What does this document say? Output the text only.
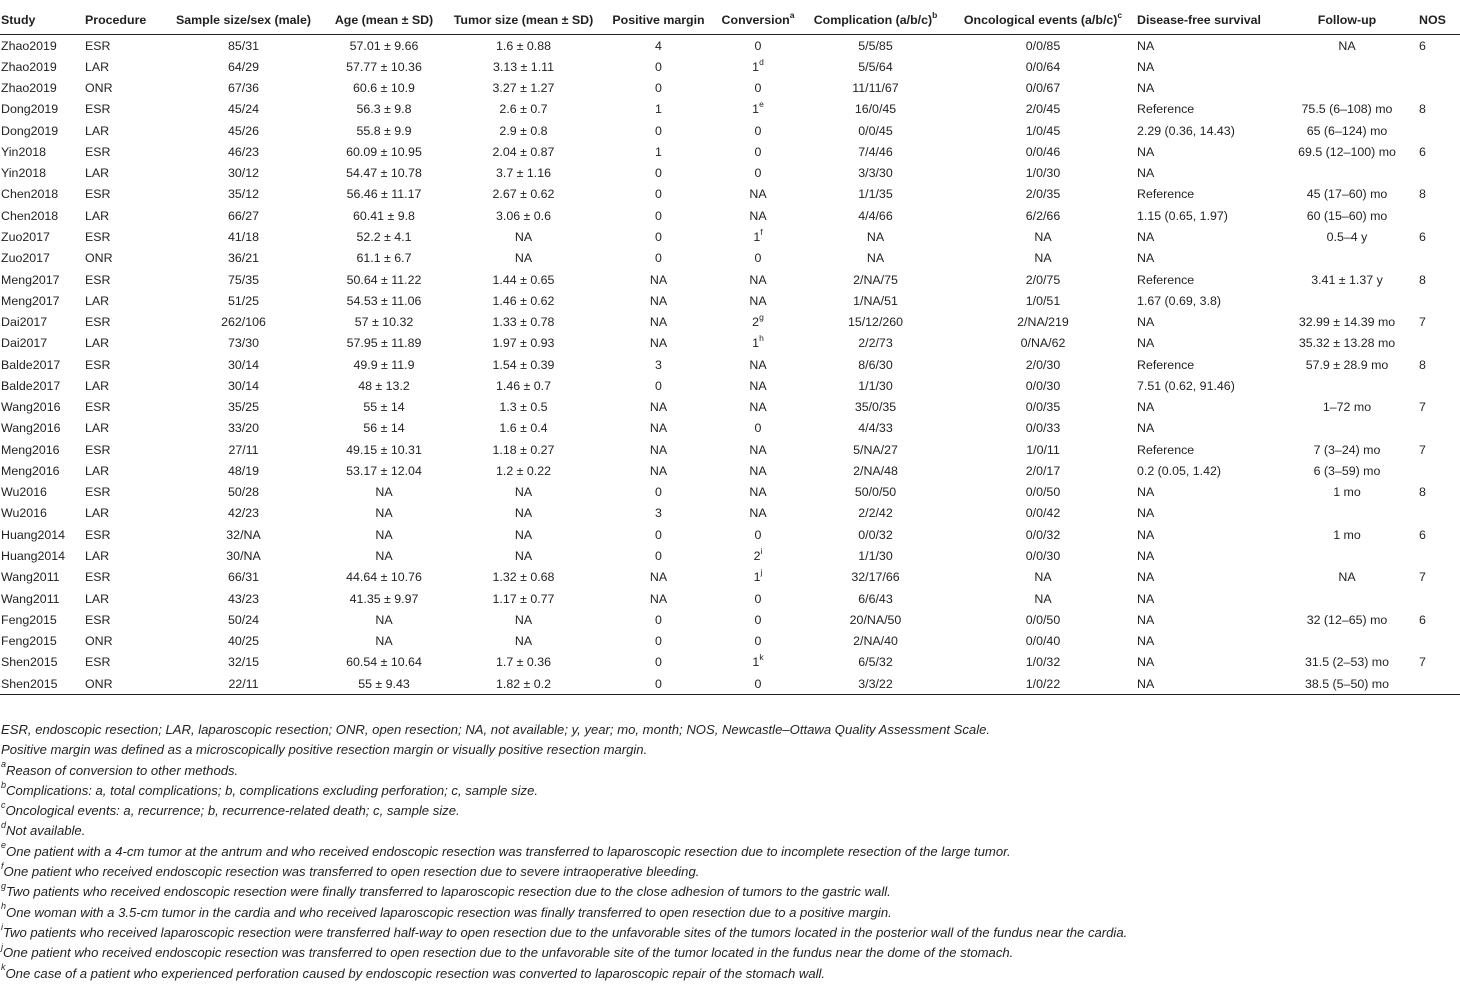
Study	Procedure	Sample size/sex (male)	Age (mean ± SD)	Tumor size (mean ± SD)	Positive margin	Conversion$^a$	Complication $(a/b/c)^b$	Oncological events $(a/b/c)^c$	Disease-free survival	Follow-up	NOS
Zhao2019	ESR	85/31	57.01 ± 9.66	1.6 ± 0.88	4	0	5/5/85	0/0/85	NA	NA	6
Zhao2019	LAR	64/29	57.77 ± 10.36	3.13 ± 1.11	0	1$^d$	5/5/64	0/0/64	NA		
Zhao2019	ONR	67/36	60.6 ± 10.9	3.27 ± 1.27	0	0	11/11/67	0/0/67	NA		
Dong2019	ESR	45/24	56.3 ± 9.8	2.6 ± 0.7	1	1e	16/0/45	2/0/45	Reference	75.5 (6–108) mo	8
Dong2019	LAR	45/26	55.8 ± 9.9	2.9 ± 0.8	0	0	0/0/45	1/0/45	2.29 (0.36, 14.43)	65 (6–124) mo	
Yin2018	ESR	46/23	60.09 ± 10.95	2.04 ± 0.87	1	0	7/4/46	0/0/46	NA	69.5 (12–100) mo	6
Yin2018	LAR	30/12	54.47 ± 10.78	3.7 ± 1.16	0	0	3/3/30	1/0/30	NA		
Chen2018	ESR	35/12	56.46 ± 11.17	2.67 ± 0.62	0	NA	1/1/35	2/0/35	Reference	45 (17–60) mo	8
Chen2018	LAR	66/27	60.41 ± 9.8	3.06 ± 0.6	0	NA	4/4/66	6/2/66	1.15 (0.65, 1.97)	60 (15–60) mo	
Zuo2017	ESR	41/18	52.2 ± 4.1	NA	0	1$^f$	NA	NA	NA	0.5–4 y	6
Zuo2017	ONR	36/21	61.1 ± 6.7	NA	0	0	NA	NA	NA		
Meng2017	ESR	75/35	50.64 ± 11.22	1.44 ± 0.65	NA	NA	2/NA/75	2/0/75	Reference	3.41 ± 1.37 y	8
Meng2017	LAR	51/25	54.53 ± 11.06	1.46 ± 0.62	NA	NA	1/NA/51	1/0/51	1.67 (0.69, 3.8)		
Dai2017	ESR	262/106	57 ± 10.32	1.33 ± 0.78	NA	2$^g$	15/12/260	2/NA/219	NA	32.99 ± 14.39 mo	7
Dai2017	LAR	73/30	57.95 ± 11.89	1.97 ± 0.93	NA	1$^h$	2/2/73	0/NA/62	NA	35.32 ± 13.28 mo	
Balde2017	ESR	30/14	49.9 ± 11.9	1.54 ± 0.39	3	NA	8/6/30	2/0/30	Reference	57.9 ± 28.9 mo	8
Balde2017	LAR	30/14	48 ± 13.2	1.46 ± 0.7	0	NA	1/1/30	0/0/30	7.51 (0.62, 91.46)		
Wang2016	ESR	35/25	55 ± 14	1.3 ± 0.5	NA	NA	35/0/35	0/0/35	NA	1–72 mo	7
Wang2016	LAR	33/20	56 ± 14	1.6 ± 0.4	NA	0	4/4/33	0/0/33	NA		
Meng2016	ESR	27/11	49.15 ± 10.31	1.18 ± 0.27	NA	NA	5/NA/27	1/0/11	Reference	7 (3–24) mo	7
Meng2016	LAR	48/19	53.17 ± 12.04	1.2 ± 0.22	NA	NA	2/NA/48	2/0/17	0.2 (0.05, 1.42)	6 (3–59) mo	
Wu2016	ESR	50/28	NA	NA	0	NA	50/0/50	0/0/50	NA	1 mo	8
Wu2016	LAR	42/23	NA	NA	3	NA	2/2/42	0/0/42	NA		
Huang2014	ESR	32/NA	NA	NA	0	0	0/0/32	0/0/32	NA	1 mo	6
Huang2014	LAR	30/NA	NA	NA	0	2$^i$	1/1/30	0/0/30	NA		
Wang2011	ESR	66/31	44.64 ± 10.76	1.32 ± 0.68	NA	1$^j$	32/17/66	NA	NA	NA	7
Wang2011	LAR	43/23	41.35 ± 9.97	1.17 ± 0.77	NA	0	6/6/43	NA	NA		
Feng2015	ESR	50/24	NA	NA	0	0	20/NA/50	0/0/50	NA	32 (12–65) mo	6
Feng2015	ONR	40/25	NA	NA	0	0	2/NA/40	0/0/40	NA		
Shen2015	ESR	32/15	60.54 ± 10.64	1.7 ± 0.36	0	1$^k$	6/5/32	1/0/32	NA	31.5 (2–53) mo	7
Shen2015	ONR	22/11	55 ± 9.43	1.82 ± 0.2	0	0	3/3/22	1/0/22	NA	38.5 (5–50) mo	
ESR, endoscopic resection; LAR, laparoscopic resection; ONR, open resection; NA, not available; y, year; mo, month; NOS, Newcastle–Ottawa Quality Assessment Scale.
Positive margin was defined as a microscopically positive resection margin or visually positive resection margin.
$^a$Reason of conversion to other methods.
$^b$Complications: a, total complications; b, complications excluding perforation; c, sample size.
$^c$Oncological events: a, recurrence; b, recurrence-related death; c, sample size.
$^d$Not available.
$^e$One patient with a 4-cm tumor at the antrum and who received endoscopic resection was transferred to laparoscopic resection due to incomplete resection of the large tumor.
$^f$One patient who received endoscopic resection was transferred to open resection due to severe intraoperative bleeding.
$^g$Two patients who received endoscopic resection were finally transferred to laparoscopic resection due to the close adhesion of tumors to the gastric wall.
$^h$One woman with a 3.5-cm tumor in the cardia and who received laparoscopic resection was finally transferred to open resection due to a positive margin.
$^i$Two patients who received laparoscopic resection were transferred half-way to open resection due to the unfavorable sites of the tumors located in the posterior wall of the fundus near the cardia.
$^j$One patient who received endoscopic resection was transferred to open resection due to the unfavorable site of the tumor located in the fundus near the dome of the stomach.
$^k$One case of a patient who experienced perforation caused by endoscopic resection was converted to laparoscopic repair of the stomach wall.
